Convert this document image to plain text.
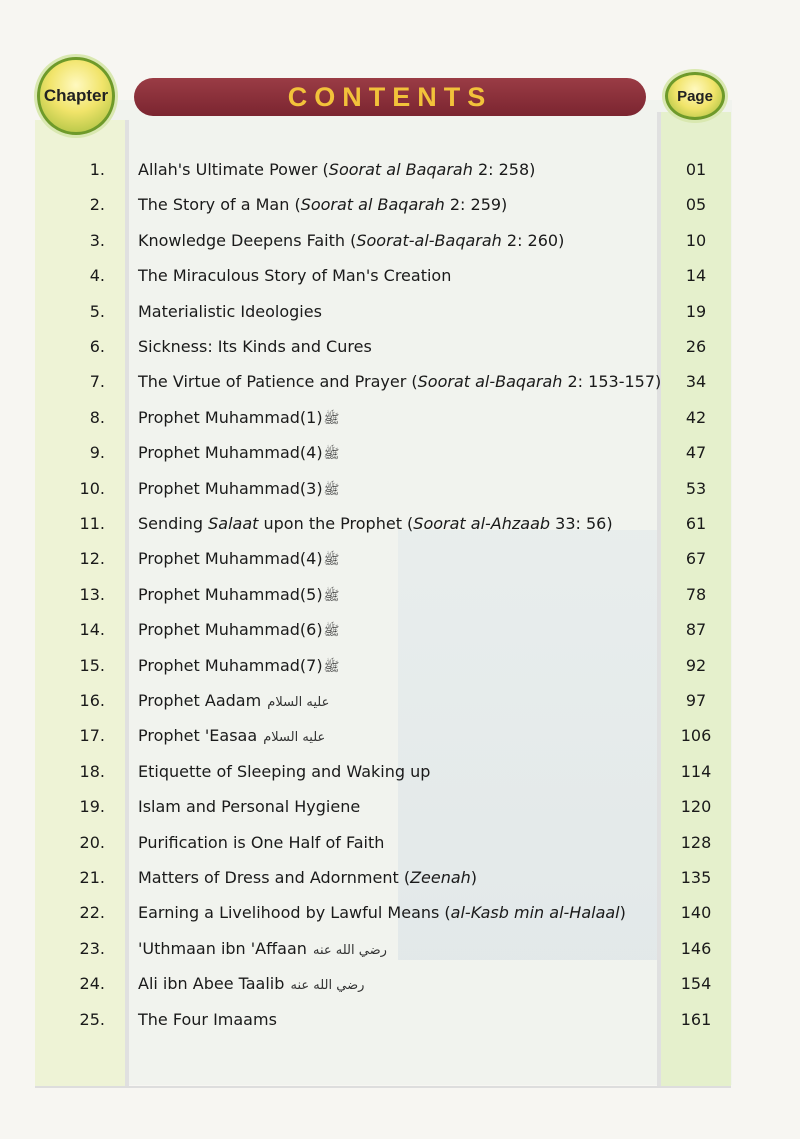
Chapter	CONTENTS	Page
1. Allah's Ultimate Power (Soorat al Baqarah 2: 258)	01
2. The Story of a Man (Soorat al Baqarah 2: 259)	05
3. Knowledge Deepens Faith (Soorat-al-Baqarah 2: 260)	10
4. The Miraculous Story of Man's Creation	14
5. Materialistic Ideologies	19
6. Sickness: Its Kinds and Cures	26
7. The Virtue of Patience and Prayer (Soorat al-Baqarah 2: 153-157)	34
8. Prophet Muhammad ﷺ(1)	42
9. Prophet Muhammad ﷺ(4)	47
10. Prophet Muhammad ﷺ(3)	53
11. Sending Salaat upon the Prophet (Soorat al-Ahzaab 33: 56)	61
12. Prophet Muhammad ﷺ(4)	67
13. Prophet Muhammad ﷺ(5)	78
14. Prophet Muhammad ﷺ(6)	87
15. Prophet Muhammad ﷺ(7)	92
16. Prophet Aadam عليه السلام	97
17. Prophet 'Easaa عليه السلام	106
18. Etiquette of Sleeping and Waking up	114
19. Islam and Personal Hygiene	120
20. Purification is One Half of Faith	128
21. Matters of Dress and Adornment (Zeenah)	135
22. Earning a Livelihood by Lawful Means (al-Kasb min al-Halaal)	140
23. 'Uthmaan ibn 'Affaan رضي الله عنه	146
24. Ali ibn Abee Taalib رضي الله عنه	154
25. The Four Imaams	161
